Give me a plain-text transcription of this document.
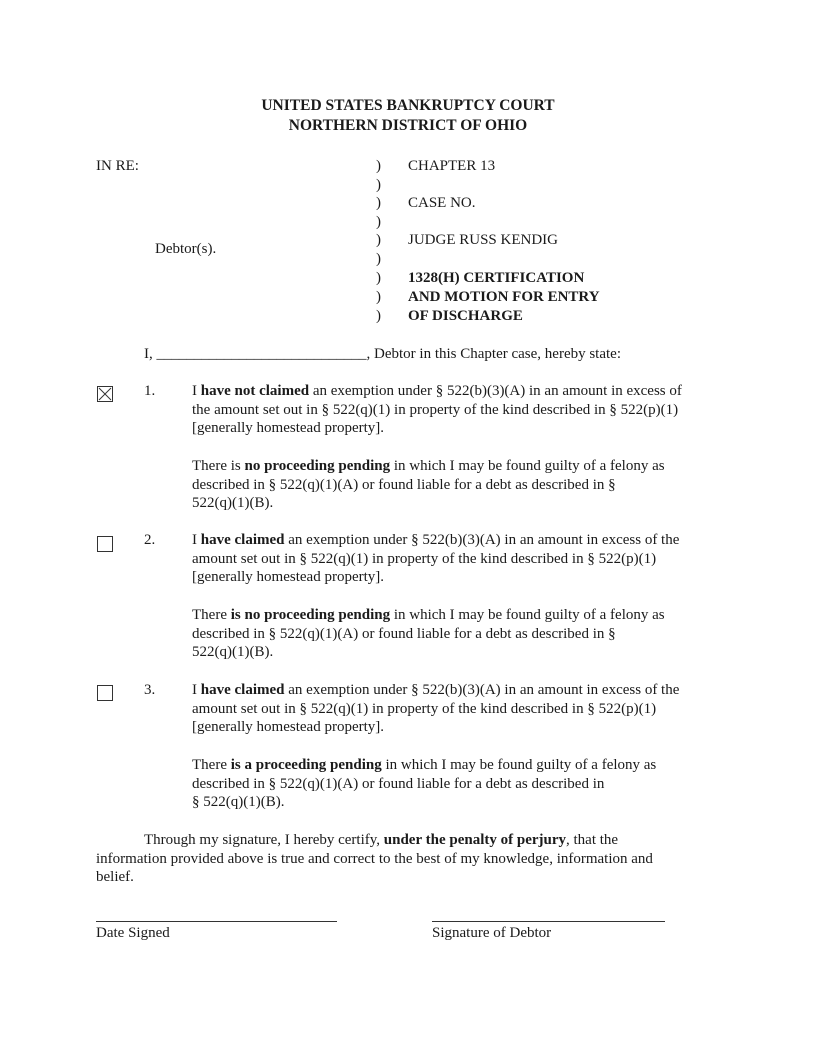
UNITED STATES BANKRUPTCY COURT
NORTHERN DISTRICT OF OHIO
IN RE:
Debtor(s).
)
)
)
)
)
)
)
)
)
CHAPTER 13
CASE NO.
JUDGE RUSS KENDIG
1328(H) CERTIFICATION
AND MOTION FOR ENTRY
OF DISCHARGE
I, ____________________________, Debtor in this Chapter case, hereby state:
1. I have not claimed an exemption under § 522(b)(3)(A) in an amount in excess of
the amount set out in § 522(q)(1) in property of the kind described in § 522(p)(1)
[generally homestead property].
There is no proceeding pending in which I may be found guilty of a felony as
described in § 522(q)(1)(A) or found liable for a debt as described in §
522(q)(1)(B).
2. I have claimed an exemption under § 522(b)(3)(A) in an amount in excess of the
amount set out in § 522(q)(1) in property of the kind described in § 522(p)(1)
[generally homestead property].
There is no proceeding pending in which I may be found guilty of a felony as
described in § 522(q)(1)(A) or found liable for a debt as described in §
522(q)(1)(B).
3. I have claimed an exemption under § 522(b)(3)(A) in an amount in excess of the
amount set out in § 522(q)(1) in property of the kind described in § 522(p)(1)
[generally homestead property].
There is a proceeding pending in which I may be found guilty of a felony as
described in § 522(q)(1)(A) or found liable for a debt as described in
§ 522(q)(1)(B).
Through my signature, I hereby certify, under the penalty of perjury, that the
information provided above is true and correct to the best of my knowledge, information and
belief.
Date Signed	Signature of Debtor
